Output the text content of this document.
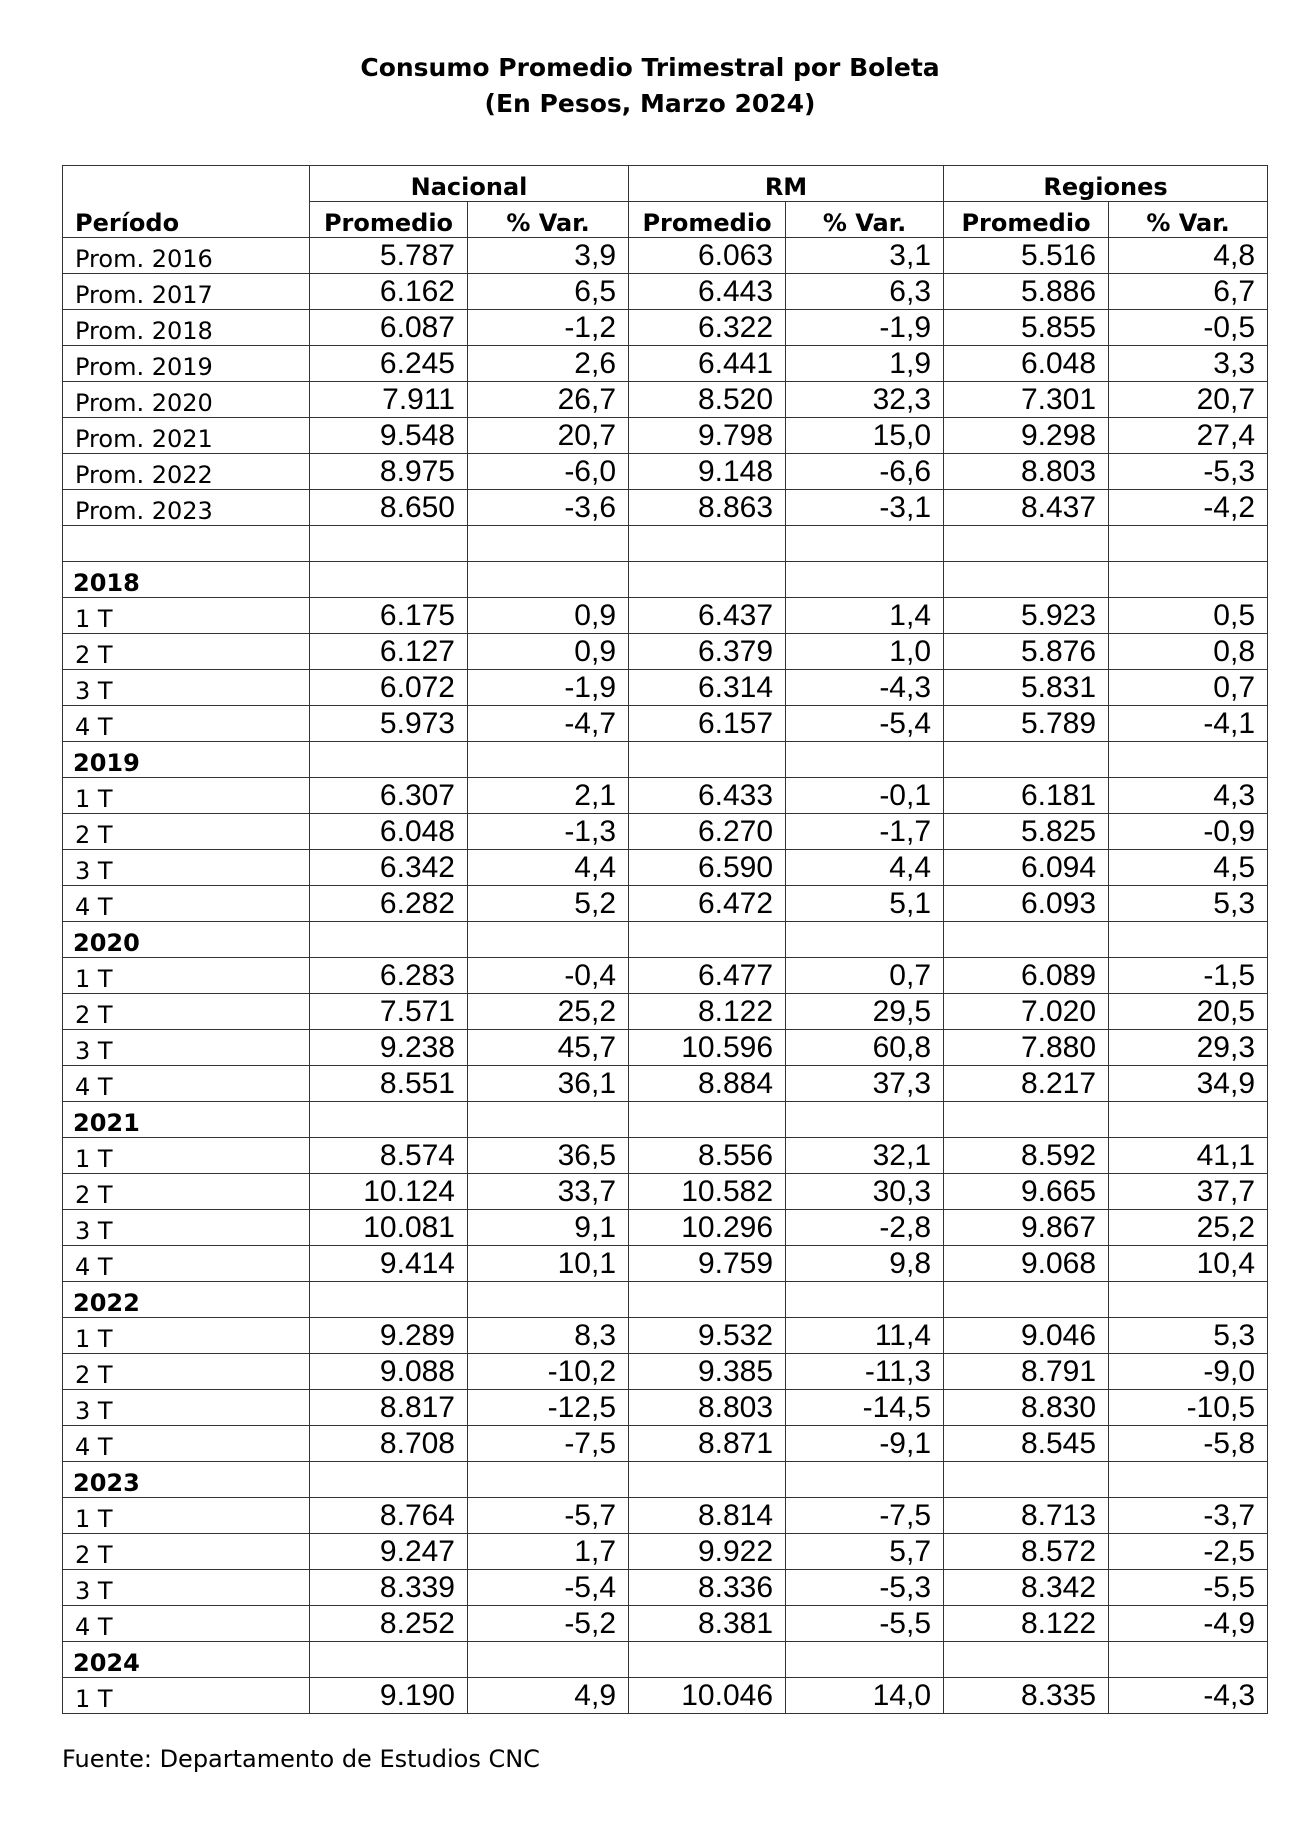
Consumo Promedio Trimestral por Boleta
(En Pesos, Marzo 2024)
	Nacional		RM		Regiones	
Período	Promedio	% Var.	Promedio	% Var.	Promedio	% Var.
Prom. 2016	5.787	3,9	6.063	3,1	5.516	4,8
Prom. 2017	6.162	6,5	6.443	6,3	5.886	6,7
Prom. 2018	6.087	-1,2	6.322	-1,9	5.855	-0,5
Prom. 2019	6.245	2,6	6.441	1,9	6.048	3,3
Prom. 2020	7.911	26,7	8.520	32,3	7.301	20,7
Prom. 2021	9.548	20,7	9.798	15,0	9.298	27,4
Prom. 2022	8.975	-6,0	9.148	-6,6	8.803	-5,3
Prom. 2023	8.650	-3,6	8.863	-3,1	8.437	-4,2

2018						
1 T	6.175	0,9	6.437	1,4	5.923	0,5
2 T	6.127	0,9	6.379	1,0	5.876	0,8
3 T	6.072	-1,9	6.314	-4,3	5.831	0,7
4 T	5.973	-4,7	6.157	-5,4	5.789	-4,1
2019						
1 T	6.307	2,1	6.433	-0,1	6.181	4,3
2 T	6.048	-1,3	6.270	-1,7	5.825	-0,9
3 T	6.342	4,4	6.590	4,4	6.094	4,5
4 T	6.282	5,2	6.472	5,1	6.093	5,3
2020						
1 T	6.283	-0,4	6.477	0,7	6.089	-1,5
2 T	7.571	25,2	8.122	29,5	7.020	20,5
3 T	9.238	45,7	10.596	60,8	7.880	29,3
4 T	8.551	36,1	8.884	37,3	8.217	34,9
2021						
1 T	8.574	36,5	8.556	32,1	8.592	41,1
2 T	10.124	33,7	10.582	30,3	9.665	37,7
3 T	10.081	9,1	10.296	-2,8	9.867	25,2
4 T	9.414	10,1	9.759	9,8	9.068	10,4
2022						
1 T	9.289	8,3	9.532	11,4	9.046	5,3
2 T	9.088	-10,2	9.385	-11,3	8.791	-9,0
3 T	8.817	-12,5	8.803	-14,5	8.830	-10,5
4 T	8.708	-7,5	8.871	-9,1	8.545	-5,8
2023						
1 T	8.764	-5,7	8.814	-7,5	8.713	-3,7
2 T	9.247	1,7	9.922	5,7	8.572	-2,5
3 T	8.339	-5,4	8.336	-5,3	8.342	-5,5
4 T	8.252	-5,2	8.381	-5,5	8.122	-4,9
2024						
1 T	9.190	4,9	10.046	14,0	8.335	-4,3
Fuente: Departamento de Estudios CNC
